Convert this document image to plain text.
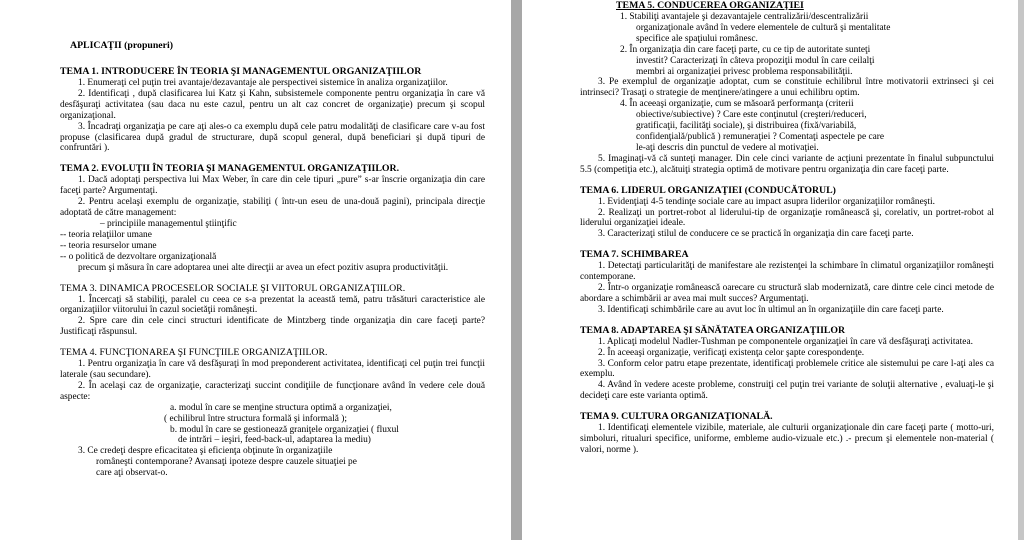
APLICAŢII (propuneri)

TEMA 1. INTRODUCERE ÎN TEORIA ŞI MANAGEMENTUL ORGANIZAŢIILOR

1. Enumeraţi cel puţin trei avantaje/dezavantaje ale perspectivei sistemice în analiza organizaţiilor.

2. Identificaţi , după clasificarea lui Katz şi Kahn, subsistemele componente pentru organizaţia în care vă desfăşuraţi activitatea (sau daca nu este cazul, pentru un alt caz concret de organizaţie) precum şi scopul organizaţional.

3. Încadraţi organizaţia pe care aţi ales-o ca exemplu după cele patru modalităţi de clasificare care v-au fost propuse (clasificarea după gradul de structurare, după scopul general, după beneficiari şi după tipuri de confruntări ).

TEMA 2. EVOLUŢII ÎN TEORIA ŞI MANAGEMENTUL ORGANIZAŢIILOR.

1. Dacă adoptaţi perspectiva lui Max Weber, în care din cele tipuri „pure” s-ar înscrie organizaţia din care faceţi parte? Argumentaţi.

2. Pentru acelaşi exemplu de organizaţie, stabiliţi ( într-un eseu de una-două pagini), principala direcţie adoptată de către management:

– principiile managementul ştiinţific

-- teoria relaţiilor umane

-- teoria resurselor umane

-- o politică de dezvoltare organizaţională

precum şi măsura în care adoptarea unei alte direcţii ar avea un efect pozitiv asupra productivităţii.

TEMA 3. DINAMICA PROCESELOR SOCIALE ŞI VIITORUL ORGANIZAŢIILOR.

1. Încercaţi să stabiliţi, paralel cu ceea ce s-a prezentat la această temă, patru trăsături caracteristice ale organizaţiilor viitorului în cazul societăţii româneşti.

2. Spre care din cele cinci structuri identificate de Mintzberg tinde organizaţia din care faceţi parte? Justificaţi răspunsul.

TEMA 4. FUNCŢIONAREA ŞI FUNCŢIILE ORGANIZAŢIILOR.

1. Pentru organizaţia în care vă desfăşuraţi în mod preponderent activitatea, identificaţi cel puţin trei funcţii laterale (sau secundare).

2. În acelaşi caz de organizaţie, caracterizaţi succint condiţiile de funcţionare având în vedere cele două aspecte:

a. modul în care se menţine structura optimă a organizaţiei,

( echilibrul între structura formală şi informală );

b. modul în care se gestionează graniţele organizaţiei ( fluxul

de intrări – ieşiri, feed-back-ul, adaptarea la mediu)

3. Ce credeţi despre eficacitatea şi eficienţa obţinute în organizaţiile

româneşti contemporane? Avansaţi ipoteze despre cauzele situaţiei pe

care aţi observat-o.

TEMA 5. CONDUCEREA ORGANIZAŢIEI

1. Stabiliţi avantajele şi dezavantajele centralizării/descentralizării

organizaţionale având în vedere elementele de cultură şi mentalitate

specifice ale spaţiului românesc.

2. În organizaţia din care faceţi parte, cu ce tip de autoritate sunteţi

investit? Caracterizaţi în câteva propoziţii modul în care ceilalţi

membri ai organizaţiei privesc problema responsabilităţii.

3. Pe exemplul de organizaţie adoptat, cum se constituie echilibrul între motivatorii extrinseci şi cei intrinseci? Trasaţi o strategie de menţinere/atingere a unui echilibru optim.

4. În aceeaşi organizaţie, cum se măsoară performanţa (criterii

obiective/subiective) ? Care este conţinutul (creşteri/reduceri,

gratificaţii, facilităţi sociale), şi distribuirea (fixă/variabilă,

confidenţială/publică ) remuneraţiei ? Comentaţi aspectele pe care

le-aţi descris din punctul de vedere al motivaţiei.

5. Imaginaţi-vă că sunteţi manager. Din cele cinci variante de acţiuni prezentate în finalul subpunctului 5.5 (competiţia etc.), alcătuiţi strategia optimă de motivare pentru organizaţia din care faceţi parte.

TEMA 6. LIDERUL ORGANIZAŢIEI (CONDUCĂTORUL)

1. Evidenţiaţi 4-5 tendinţe sociale care au impact asupra liderilor organizaţiilor româneşti.

2. Realizaţi un portret-robot al liderului-tip de organizaţie românească şi, corelativ, un portret-robot al liderului organizaţiei ideale.

3. Caracterizaţi stilul de conducere ce se practică în organizaţia din care faceţi parte.

TEMA 7. SCHIMBAREA

1. Detectaţi particularităţi de manifestare ale rezistenţei la schimbare în climatul organizaţiilor româneşti contemporane.

2. Într-o organizaţie românească oarecare cu structură slab modernizată, care dintre cele cinci metode de abordare a schimbării ar avea mai mult succes? Argumentaţi.

3. Identificaţi schimbările care au avut loc în ultimul an în organizaţiile din care faceţi parte.

TEMA 8. ADAPTAREA ŞI SĂNĂTATEA ORGANIZAŢIILOR

1. Aplicaţi modelul Nadler-Tushman pe componentele organizaţiei în care vă desfăşuraţi activitatea.

2. În aceeaşi organizaţie, verificaţi existenţa celor şapte corespondenţe.

3. Conform celor patru etape prezentate, identificaţi problemele critice ale sistemului pe care l-aţi ales ca exemplu.

4. Având în vedere aceste probleme, construiţi cel puţin trei variante de soluţii alternative , evaluaţi-le şi decideţi care este varianta optimă.

TEMA 9. CULTURA ORGANIZAŢIONALĂ.

1. Identificaţi elementele vizibile, materiale, ale culturii organizaţionale din care faceţi parte ( motto-uri, simboluri, ritualuri specifice, uniforme, embleme audio-vizuale etc.) .- precum şi elementele non-material ( valori, norme ).
